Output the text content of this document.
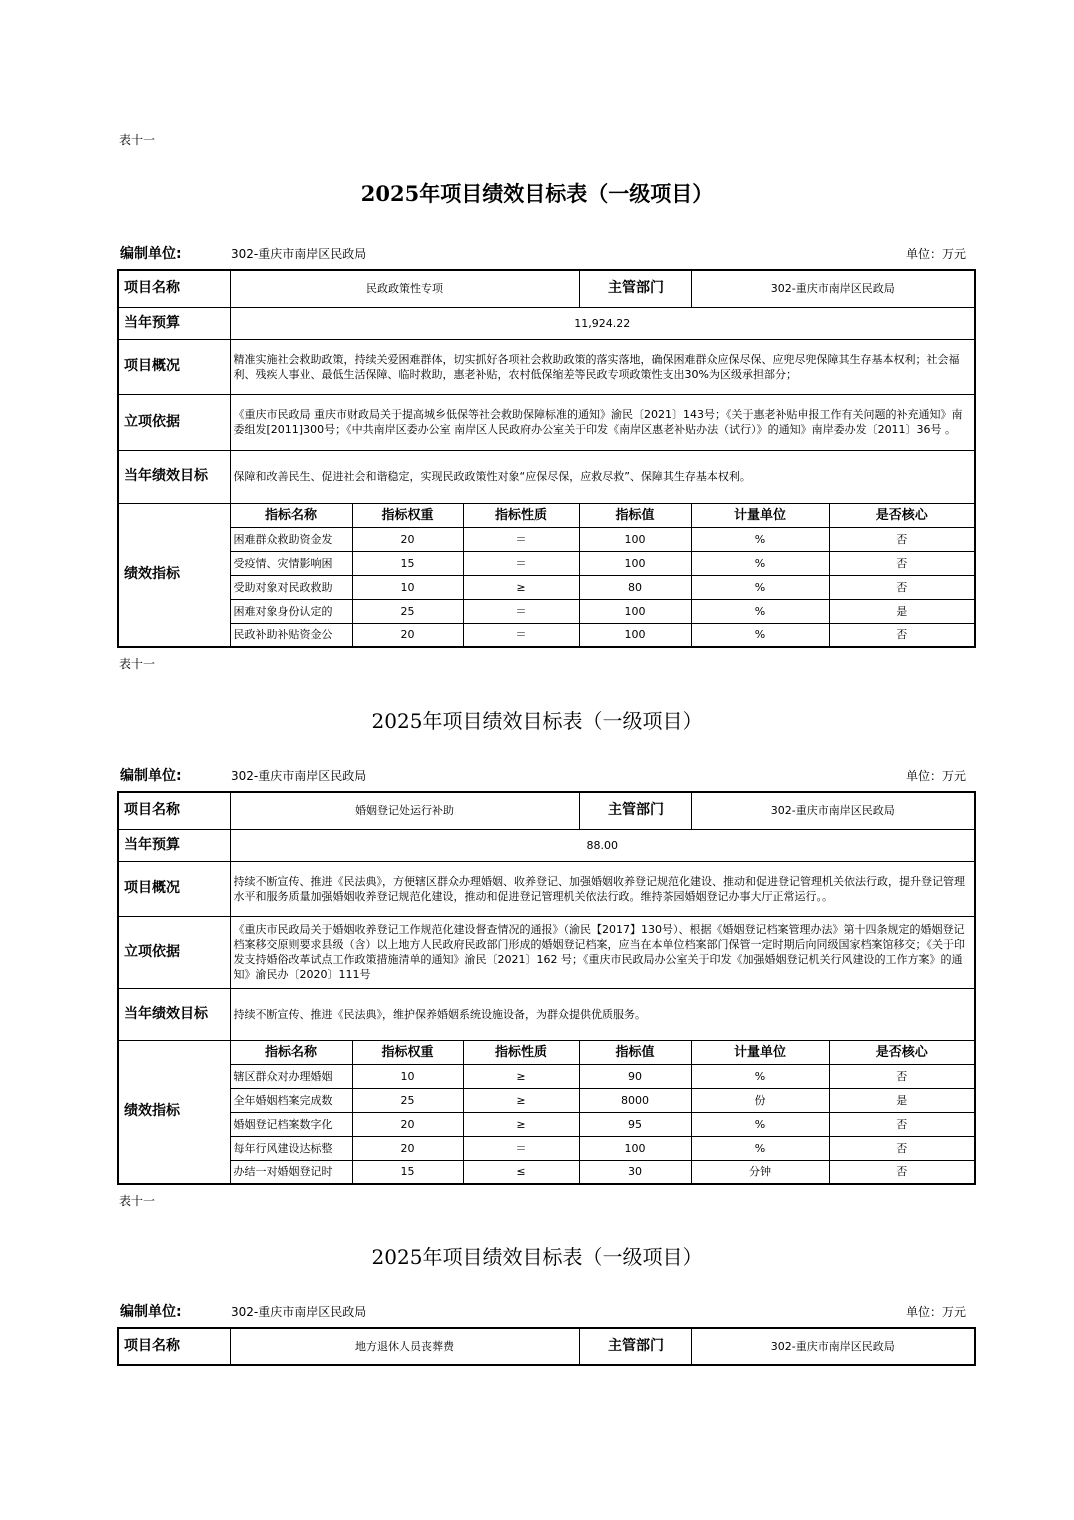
表十一
2025年项目绩效目标表（一级项目）
编制单位:	302-重庆市南岸区民政局	单位：万元
项目名称	民政政策性专项			主管部门	302-重庆市南岸区民政局	
当年预算	11,924.22					
项目概况	精准实施社会救助政策，持续关爱困难群体，切实抓好各项社会救助政策的落实落地，确保困难群众应保尽保、应兜尽兜保障其生存基本权利；社会福利、残疾人事业、最低生活保障、临时救助，惠老补贴，农村低保缩差等民政专项政策性支出30%为区级承担部分；					
立项依据	《重庆市民政局 重庆市财政局关于提高城乡低保等社会救助保障标准的通知》渝民〔2021〕143号；《关于惠老补贴申报工作有关问题的补充通知》南委组发[2011]300号；《中共南岸区委办公室 南岸区人民政府办公室关于印发《南岸区惠老补贴办法（试行）》的通知》南岸委办发〔2011〕36号 。					
当年绩效目标	保障和改善民生、促进社会和谐稳定，实现民政政策性对象“应保尽保，应救尽救”、保障其生存基本权利。					
绩效指标	指标名称	指标权重	指标性质	指标值	计量单位	是否核心
	困难群众救助资金发	20	＝	100	%	否
	受疫情、灾情影响困	15	＝	100	%	否
	受助对象对民政救助	10	≥	80	%	否
	困难对象身份认定的	25	＝	100	%	是
	民政补助补贴资金公	20	＝	100	%	否
表十一
2025年项目绩效目标表（一级项目）
编制单位:	302-重庆市南岸区民政局	单位：万元
项目名称	婚姻登记处运行补助			主管部门	302-重庆市南岸区民政局	
当年预算	88.00					
项目概况	持续不断宣传、推进《民法典》，方便辖区群众办理婚姻、收养登记、加强婚姻收养登记规范化建设、推动和促进登记管理机关依法行政，提升登记管理水平和服务质量加强婚姻收养登记规范化建设，推动和促进登记管理机关依法行政。维持茶园婚姻登记办事大厅正常运行。。					
立项依据	《重庆市民政局关于婚姻收养登记工作规范化建设督查情况的通报》（渝民【2017】130号）、根据《婚姻登记档案管理办法》第十四条规定的婚姻登记档案移交原则要求县级（含）以上地方人民政府民政部门形成的婚姻登记档案，应当在本单位档案部门保管一定时期后向同级国家档案馆移交；《关于印发支持婚俗改革试点工作政策措施清单的通知》渝民〔2021〕162 号；《重庆市民政局办公室关于印发《加强婚姻登记机关行风建设的工作方案》的通知》渝民办〔2020〕111号					
当年绩效目标	持续不断宣传、推进《民法典》，维护保养婚姻系统设施设备，为群众提供优质服务。					
绩效指标	指标名称	指标权重	指标性质	指标值	计量单位	是否核心
	辖区群众对办理婚姻	10	≥	90	%	否
	全年婚姻档案完成数	25	≥	8000	份	是
	婚姻登记档案数字化	20	≥	95	%	否
	每年行风建设达标整	20	＝	100	%	否
	办结一对婚姻登记时	15	≤	30	分钟	否
表十一
2025年项目绩效目标表（一级项目）
编制单位:	302-重庆市南岸区民政局	单位：万元
项目名称	地方退休人员丧葬费	主管部门	302-重庆市南岸区民政局
